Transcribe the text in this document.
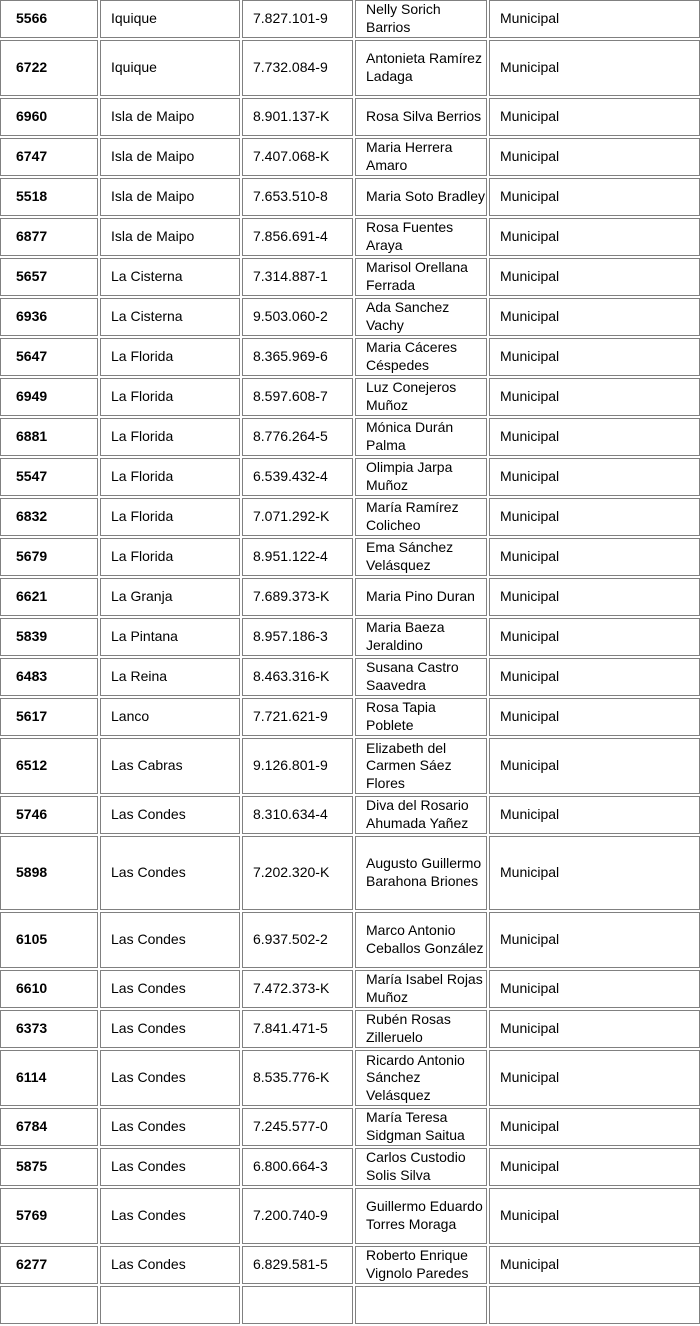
5566	Iquique	7.827.101-9	Nelly Sorich Barrios	Municipal
6722	Iquique	7.732.084-9	Antonieta Ramírez Ladaga	Municipal
6960	Isla de Maipo	8.901.137-K	Rosa Silva Berrios	Municipal
6747	Isla de Maipo	7.407.068-K	Maria Herrera Amaro	Municipal
5518	Isla de Maipo	7.653.510-8	Maria Soto Bradley	Municipal
6877	Isla de Maipo	7.856.691-4	Rosa Fuentes Araya	Municipal
5657	La Cisterna	7.314.887-1	Marisol Orellana Ferrada	Municipal
6936	La Cisterna	9.503.060-2	Ada Sanchez Vachy	Municipal
5647	La Florida	8.365.969-6	Maria Cáceres Céspedes	Municipal
6949	La Florida	8.597.608-7	Luz Conejeros Muñoz	Municipal
6881	La Florida	8.776.264-5	Mónica Durán Palma	Municipal
5547	La Florida	6.539.432-4	Olimpia Jarpa Muñoz	Municipal
6832	La Florida	7.071.292-K	María Ramírez Colicheo	Municipal
5679	La Florida	8.951.122-4	Ema Sánchez Velásquez	Municipal
6621	La Granja	7.689.373-K	Maria Pino Duran	Municipal
5839	La Pintana	8.957.186-3	Maria Baeza Jeraldino	Municipal
6483	La Reina	8.463.316-K	Susana Castro Saavedra	Municipal
5617	Lanco	7.721.621-9	Rosa Tapia Poblete	Municipal
6512	Las Cabras	9.126.801-9	Elizabeth del Carmen Sáez Flores	Municipal
5746	Las Condes	8.310.634-4	Diva del Rosario Ahumada Yañez	Municipal
5898	Las Condes	7.202.320-K	Augusto Guillermo Barahona Briones	Municipal
6105	Las Condes	6.937.502-2	Marco Antonio Ceballos González	Municipal
6610	Las Condes	7.472.373-K	María Isabel Rojas Muñoz	Municipal
6373	Las Condes	7.841.471-5	Rubén Rosas Zilleruelo	Municipal
6114	Las Condes	8.535.776-K	Ricardo Antonio Sánchez Velásquez	Municipal
6784	Las Condes	7.245.577-0	María Teresa Sidgman Saitua	Municipal
5875	Las Condes	6.800.664-3	Carlos Custodio Solis Silva	Municipal
5769	Las Condes	7.200.740-9	Guillermo Eduardo Torres Moraga	Municipal
6277	Las Condes	6.829.581-5	Roberto Enrique Vignolo Paredes	Municipal
